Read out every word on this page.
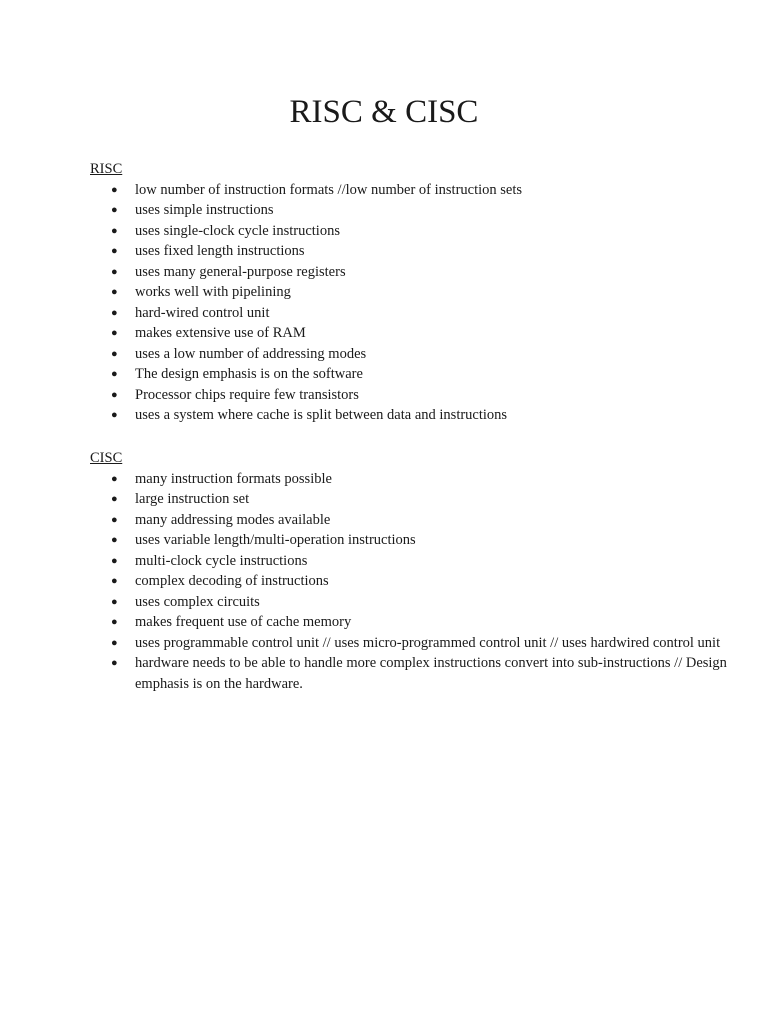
RISC & CISC

RISC

● low number of instruction formats //low number of instruction sets
● uses simple instructions
● uses single-clock cycle instructions
● uses fixed length instructions
● uses many general-purpose registers
● works well with pipelining
● hard-wired control unit
● makes extensive use of RAM
● uses a low number of addressing modes
● The design emphasis is on the software
● Processor chips require few transistors
● uses a system where cache is split between data and instructions

CISC

● many instruction formats possible
● large instruction set
● many addressing modes available
● uses variable length/multi-operation instructions
● multi-clock cycle instructions
● complex decoding of instructions
● uses complex circuits
● makes frequent use of cache memory
● uses programmable control unit // uses micro-programmed control unit // uses hardwired control unit
● hardware needs to be able to handle more complex instructions convert into sub-instructions // Design emphasis is on the hardware.
